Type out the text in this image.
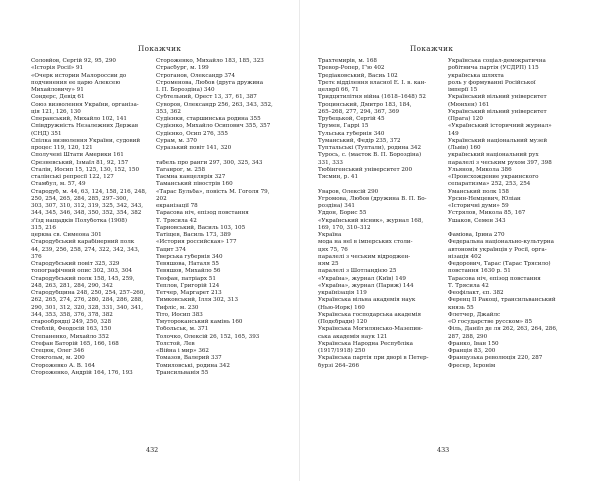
Покажчик
Соловйов, Сергій 92, 95, 290
«Історія Росії» 91
«Очерк истории Малороссии до
подчинения ее царю Алексею
Михайловичу» 91
Сондерс, Девід 61
Союз визволення України, організа-
ція 121, 126, 130
Сперанський, Михайло 102, 141
Співдружність Незалежних Держав
(СНД) 351
Спілка визволення України, судовий
процес 119, 120, 121
Сполучені Штати Америки 161
Срезневський, Ізмаїл 81, 92, 157
Сталін, Йосип 15, 125, 130, 152, 150
сталінські репресії 122, 127
Стамбул, м. 57, 49
Стародуб, м. 44, 63, 124, 158, 216, 248,
250, 254, 265, 284, 285, 297–300,
303, 307, 310, 312, 319, 325, 342, 343,
344, 345, 346, 348, 350, 352, 354, 382
з'їзд нащадків Полуботка (1908)
315, 216
церква св. Симеона 301
Стародубський карабінерний полк
44, 239, 256, 258, 274, 322, 342, 343,
376
Стародубський повіт 325, 329
топографічний опис 302, 303, 304
Стародубський полк 158, 145, 259,
248, 263, 281, 284, 290, 342
Стародубщина 248, 250, 254, 257–260,
262, 265, 274, 276, 280, 284, 286, 288,
290, 301, 312, 320, 328, 331, 340, 341,
344, 353, 358, 376, 378, 382
старообрядці 249, 250, 328
Стеблій, Феодосій 163, 150
Степаненко, Михайло 352
Стефан Баторій 165, 166, 168
Стецюк, Олег 346
Стокгольм, м. 200
Сторожевко А. В. 164
Стороженко, Андрій 164, 176, 193
Стороженко, Михайло 183, 185, 323
Страсбург, м. 199
Строганов, Олександр 374
Строменова, Любов (друга дружина
І. П. Бороздіна) 340
Субтельний, Орест 13, 37, 61, 387
Суворов, Олександр 256, 263, 343, 352,
353, 362
Судієнки, старшинська родина 355
Судієнко, Михайло Осипович 355, 357
Судієнко, Осип 276, 355
Сурам, м. 370
Суразький повіт 141, 320
табель про ранги 297, 300, 325, 343
Таганрог, м. 258
Таємна канцелярія 327
Таманський півострів 160
«Тарас Бульба», повість М. Гоголя 79,
202
екранізації 78
Тарасова ніч, епізод повстання
Т. Трясила 42
Тарновський, Василь 103, 105
Татіщев, Василь 173, 389
«История российская» 177
Тацит 374
Тверська губернія 340
Тевяшова, Наталя 55
Тевяшов, Михайло 56
Теофан, патріарх 51
Теплов, Григорій 124
Тетчер, Маргарет 213
Тимковський, Ілля 302, 313
Тифліс, м. 230
Тіто, Йосип 383
Тмутороканський камінь 160
Тобольськ, м. 371
Толочко, Олексій 26, 152, 165, 393
Толстой, Лев
«Війна і мир» 362
Томазов, Валерий 337
Томиловські, родина 342
Трансильванія 55
432
Покажчик
Трахтемирів, м. 168
Тревор-Ропер, Г'ю 402
Тредіаковський, Васиь 102
Третє відділення власної Е. І. в. кан-
целярії 66, 71
Тридцятилітня війна (1618–1648) 52
Троцинський, Дмитро 183, 184,
265–268, 277, 294, 367, 369
Трубецькой, Сергій 45
Трумен, Гаррі 15
Тульська губернія 340
Туманський, Федір 235, 372
Туптальські (Туптали), родина 342
Турось, с. (маєток В. П. Бороздіна)
331, 333
Тюбінгенський університет 200
Тясмин, р. 41
Уваров, Олексій 290
Угромова, Любов (дружина В. П. Бо-
роздіна) 341
Уддон, Борис 55
«Український вісник», журнал 168,
169, 170, 310–312
Україна
мода на неї в імперських столи-
цях 75, 76
паралелі з чеським відроджен-
ням 25
паралелі з Шотландією 25
«Україна», журнал (Київ) 149
«Україна», журнал (Париж) 144
українізація 119
Українська вільна академія наук
(Нью-Йорк) 160
Українська господарська академія
(Подєбради) 120
Українська Могилянсько-Мазепин-
ська академія наук 121
Українська Народна Республіка
(1917/1918) 250
Українська партія при дворі в Петер-
бурзі 264–266
Українська соціал-демократична
робітнича партія (УСДРП) 115
українська шляхта
роль у формуванні Російської
імперії 15
Український вільний університет
(Мюнхен) 161
Український вільний університет
(Прага) 120
«Український історичний журнал»
149
Український національний музей
(Львів) 160
український національний рух
паралелі з чеським рухом 397, 398
Ульянов, Микола 386
«Происхождение украинского
сепаратизма» 252, 253, 254
Уманський полк 158
Урсин-Немцевич, Юліан
«Історичні думи» 59
Устрялов, Микола 85, 167
Ушаков, Семен 343
Фаміова, Ірина 270
Федеральна національно-культурна
автономія українців у Росії, орга-
нізація 402
Федорович, Тарас (Тарас Трясило)
повстання 1630 р. 51
Тарасова ніч, епізод повстання
Т. Трясила 42
Феофілакт, єп. 382
Ференц II Ракоці, трансильванський
князь 55
Флетчер, Джайлс
«О государстве русском» 85
Філь, Даніїл де ля 262, 263, 264, 286,
287, 288, 290
Франко, Іван 150
Франція 83, 200
Французька революція 220, 287
Фресер, Ієронім
433
